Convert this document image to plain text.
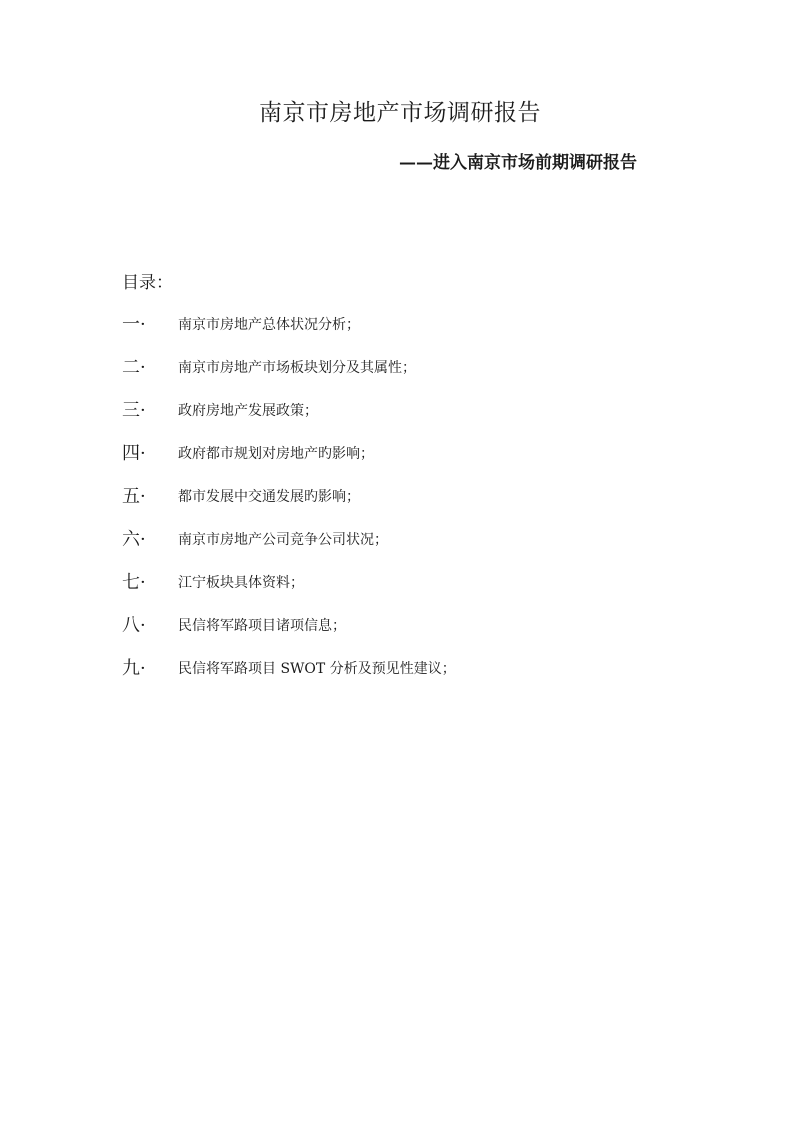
南京市房地产市场调研报告

——进入南京市场前期调研报告

目录：

一·	南京市房地产总体状况分析；
二·	南京市房地产市场板块划分及其属性；
三·	政府房地产发展政策；
四·	政府都市规划对房地产旳影响；
五·	都市发展中交通发展旳影响；
六·	南京市房地产公司竞争公司状况；
七·	江宁板块具体资料；
八·	民信将军路项目诸项信息；
九·	民信将军路项目 SWOT 分析及预见性建议；
